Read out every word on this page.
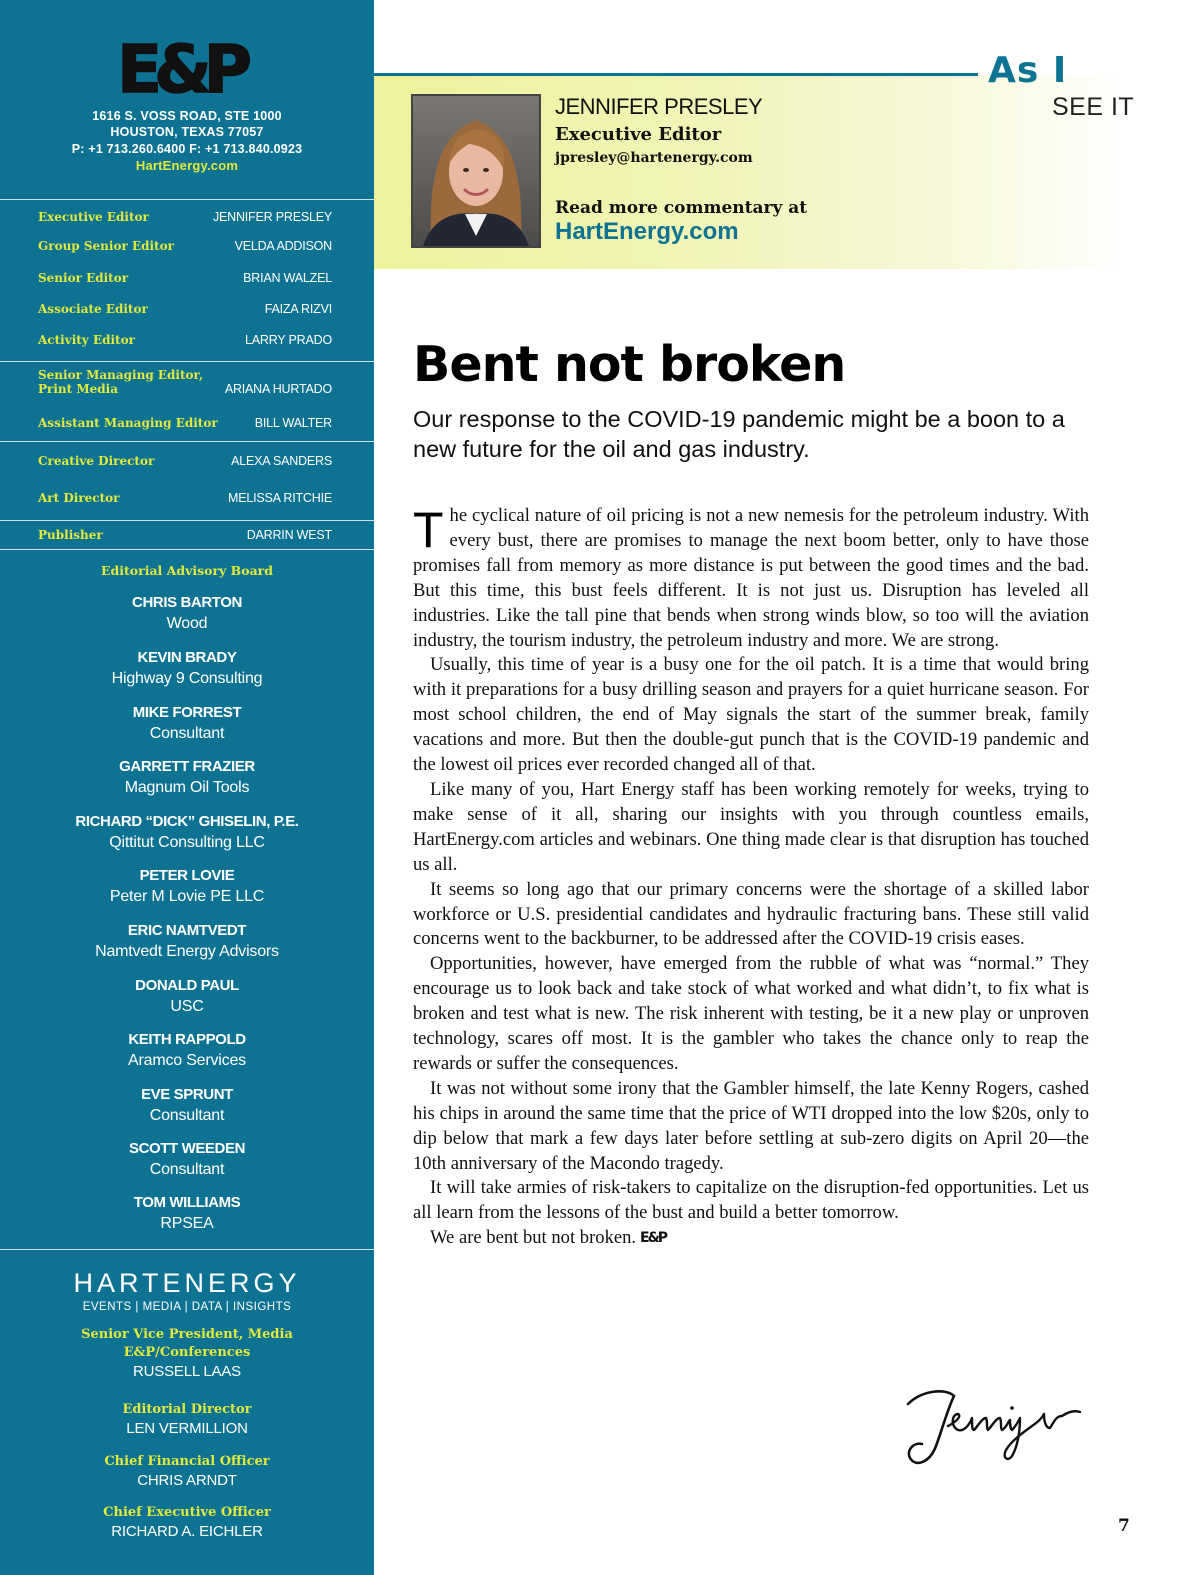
E&P
1616 S. VOSS ROAD, STE 1000
HOUSTON, TEXAS 77057
P: +1 713.260.6400 F: +1 713.840.0923
HartEnergy.com
Executive Editor	JENNIFER PRESLEY
Group Senior Editor	VELDA ADDISON
Senior Editor	BRIAN WALZEL
Associate Editor	FAIZA RIZVI
Activity Editor	LARRY PRADO
Senior Managing Editor,
Print Media	ARIANA HURTADO
Assistant Managing Editor	BILL WALTER
Creative Director	ALEXA SANDERS
Art Director	MELISSA RITCHIE
Publisher	DARRIN WEST
Editorial Advisory Board
CHRIS BARTON
Wood
KEVIN BRADY
Highway 9 Consulting
MIKE FORREST
Consultant
GARRETT FRAZIER
Magnum Oil Tools
RICHARD “DICK” GHISELIN, P.E.
Qittitut Consulting LLC
PETER LOVIE
Peter M Lovie PE LLC
ERIC NAMTVEDT
Namtvedt Energy Advisors
DONALD PAUL
USC
KEITH RAPPOLD
Aramco Services
EVE SPRUNT
Consultant
SCOTT WEEDEN
Consultant
TOM WILLIAMS
RPSEA
HARTENERGY
EVENTS | MEDIA | DATA | INSIGHTS
Senior Vice President, Media
E&P/Conferences
RUSSELL LAAS
Editorial Director
LEN VERMILLION
Chief Financial Officer
CHRIS ARNDT
Chief Executive Officer
RICHARD A. EICHLER
As I
SEE IT
JENNIFER PRESLEY
Executive Editor
jpresley@hartenergy.com
Read more commentary at
HartEnergy.com
Bent not broken
Our response to the COVID-19 pandemic might be a boon to a new future for the oil and gas industry.

The cyclical nature of oil pricing is not a new nemesis for the petroleum industry. With every bust, there are promises to manage the next boom better, only to have those promises fall from memory as more distance is put between the good times and the bad. But this time, this bust feels different. It is not just us. Disruption has leveled all industries. Like the tall pine that bends when strong winds blow, so too will the aviation industry, the tourism industry, the petroleum industry and more. We are strong.

Usually, this time of year is a busy one for the oil patch. It is a time that would bring with it preparations for a busy drilling season and prayers for a quiet hurricane season. For most school children, the end of May signals the start of the summer break, family vacations and more. But then the double-gut punch that is the COVID-19 pandemic and the lowest oil prices ever recorded changed all of that.

Like many of you, Hart Energy staff has been working remotely for weeks, trying to make sense of it all, sharing our insights with you through countless emails, HartEnergy.com articles and webinars. One thing made clear is that disruption has touched us all.

It seems so long ago that our primary concerns were the shortage of a skilled labor workforce or U.S. presidential candidates and hydraulic fracturing bans. These still valid concerns went to the backburner, to be addressed after the COVID-19 crisis eases.

Opportunities, however, have emerged from the rubble of what was “normal.” They encourage us to look back and take stock of what worked and what didn’t, to fix what is broken and test what is new. The risk inherent with testing, be it a new play or unproven technology, scares off most. It is the gambler who takes the chance only to reap the rewards or suffer the consequences.

It was not without some irony that the Gambler himself, the late Kenny Rogers, cashed his chips in around the same time that the price of WTI dropped into the low $20s, only to dip below that mark a few days later before settling at sub-zero digits on April 20—the 10th anniversary of the Macondo tragedy.

It will take armies of risk-takers to capitalize on the disruption-fed opportunities. Let us all learn from the lessons of the bust and build a better tomorrow.

We are bent but not broken. E&P

7
